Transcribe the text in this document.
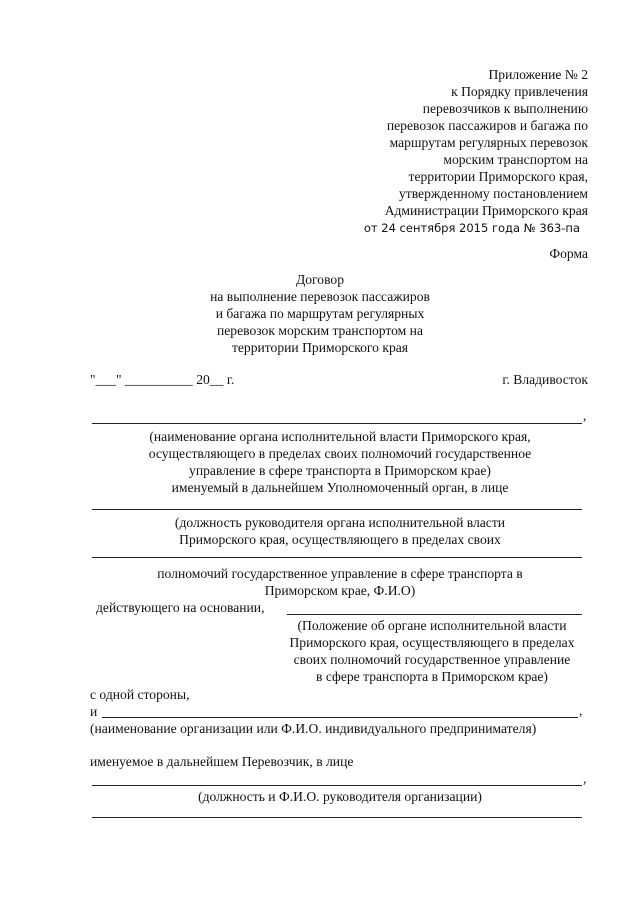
Приложение № 2
к Порядку привлечения
перевозчиков к выполнению
перевозок пассажиров и багажа по
маршрутам регулярных перевозок
морским транспортом на
территории Приморского края,
утвержденному постановлением
Администрации Приморского края
от 24 сентября 2015 года № 363-па
Форма
Договор
на выполнение перевозок пассажиров
и багажа по маршрутам регулярных
перевозок морским транспортом на
территории Приморского края
"___" __________ 20__ г.	г. Владивосток
,
(наименование органа исполнительной власти Приморского края,
осуществляющего в пределах своих полномочий государственное
управление в сфере транспорта в Приморском крае)
именуемый в дальнейшем Уполномоченный орган, в лице
(должность руководителя органа исполнительной власти
Приморского края, осуществляющего в пределах своих
полномочий государственное управление в сфере транспорта в
Приморском крае, Ф.И.О)
действующего на основании,
(Положение об органе исполнительной власти
Приморского края, осуществляющего в пределах
своих полномочий государственное управление
в сфере транспорта в Приморском крае)
с одной стороны,
и	,
(наименование организации или Ф.И.О. индивидуального предпринимателя)
именуемое в дальнейшем Перевозчик, в лице
,
(должность и Ф.И.О. руководителя организации)
